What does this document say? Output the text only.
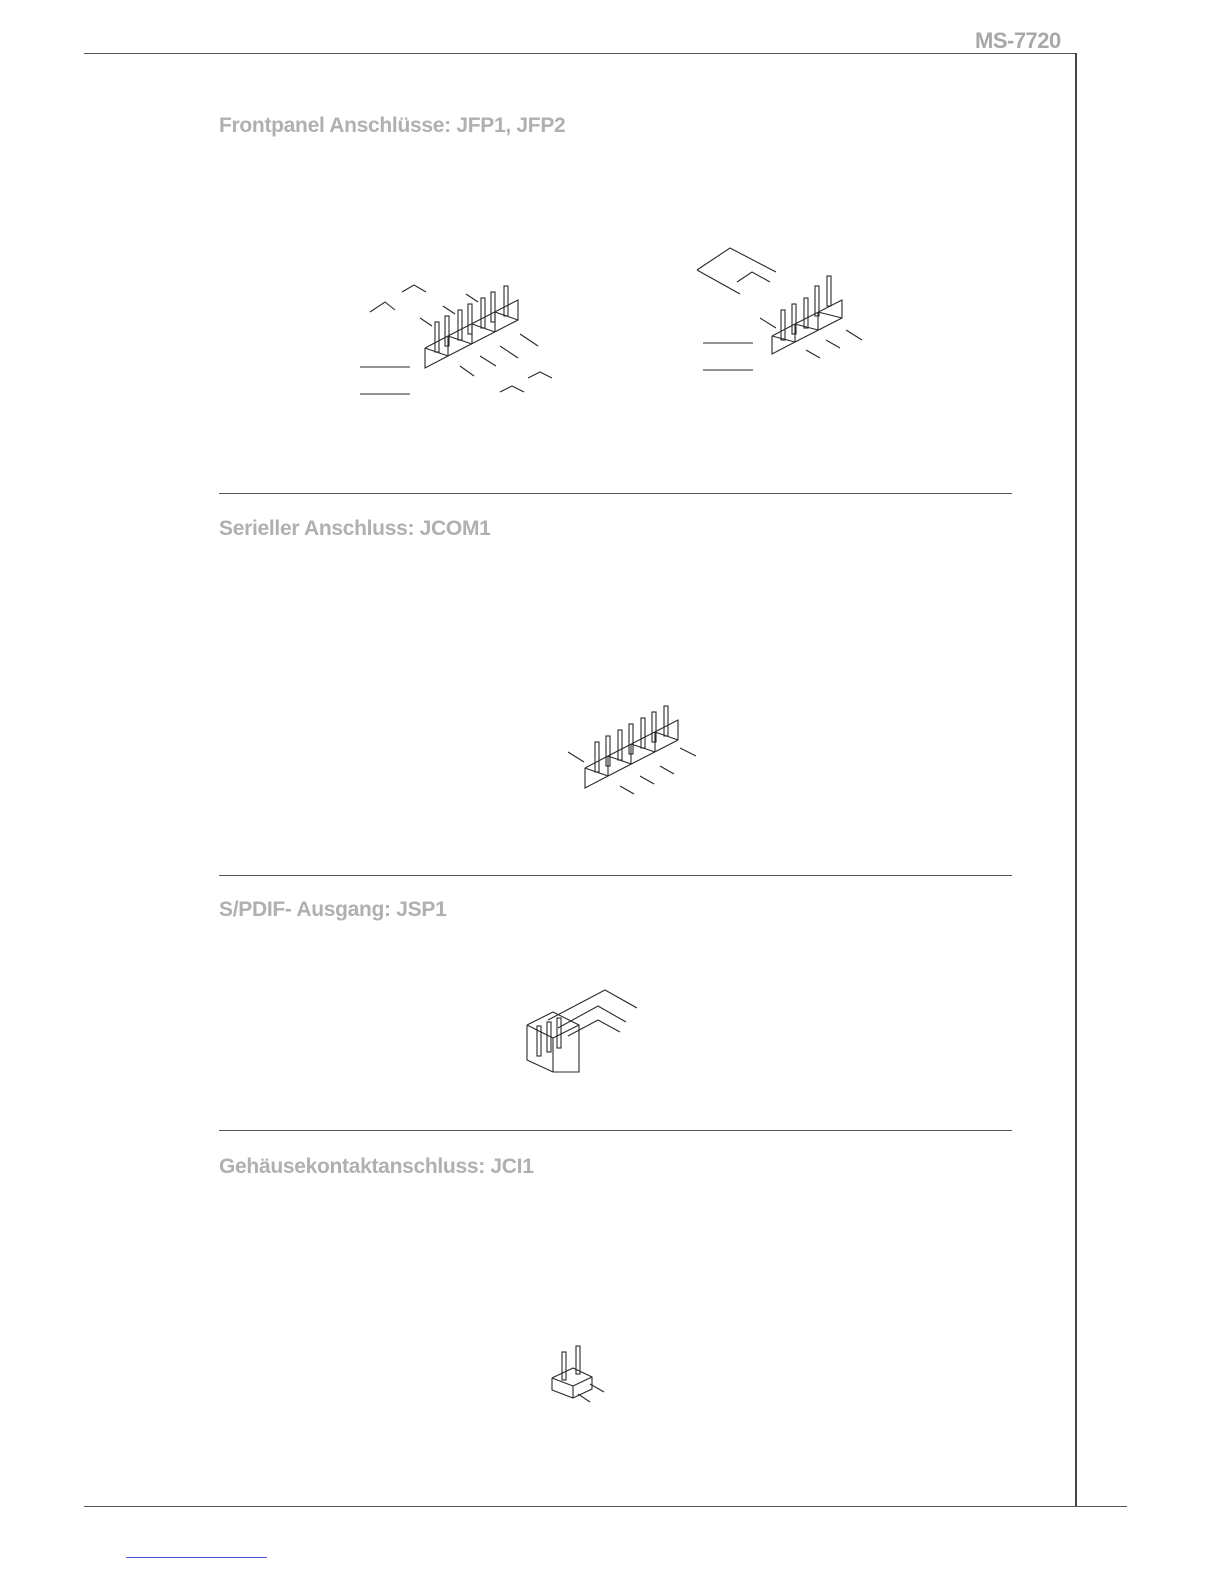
MS-7720
Frontpanel Anschlüsse: JFP1, JFP2
Serieller Anschluss: JCOM1
S/PDIF- Ausgang: JSP1
Gehäusekontaktanschluss: JCI1
